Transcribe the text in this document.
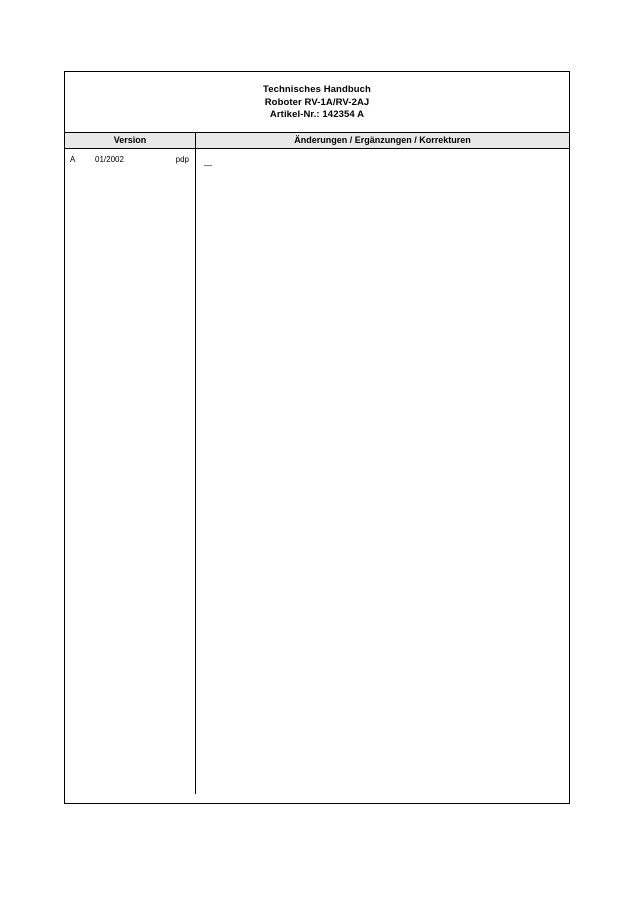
Technisches Handbuch
Roboter RV-1A/RV-2AJ
Artikel-Nr.: 142354 A
Version	Änderungen / Ergänzungen / Korrekturen
A 01/2002	pdp
—
